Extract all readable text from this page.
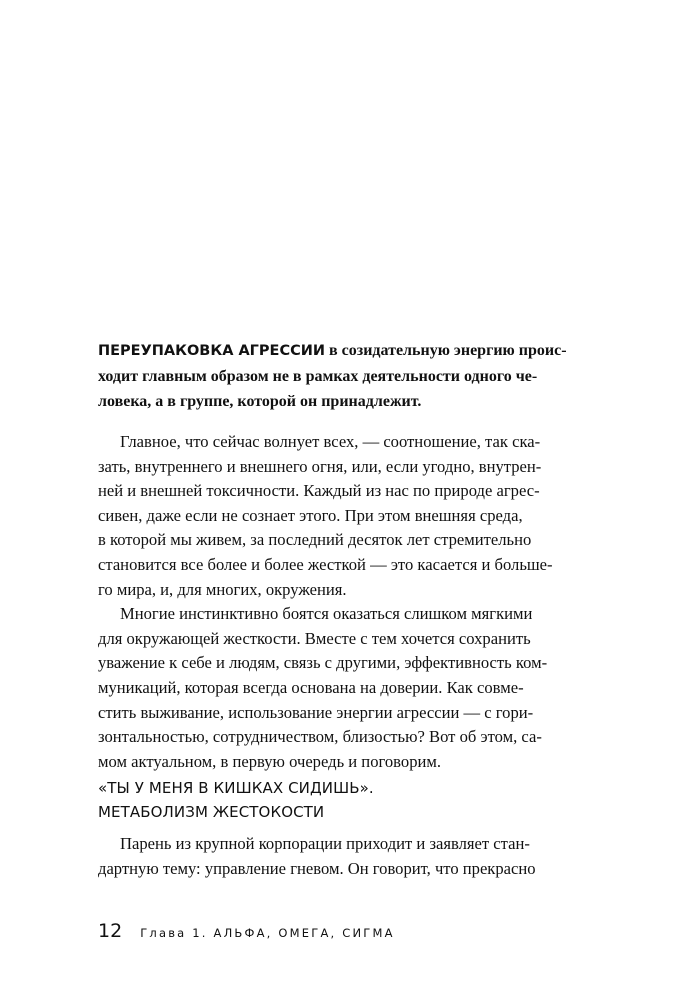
ПЕРЕУПАКОВКА АГРЕССИИ в созидательную энергию проис-
ходит главным образом не в рамках деятельности одного че-
ловека, а в группе, которой он принадлежит.
Главное, что сейчас волнует всех, — соотношение, так ска-
зать, внутреннего и внешнего огня, или, если угодно, внутрен-
ней и внешней токсичности. Каждый из нас по природе агрес-
сивен, даже если не сознает этого. При этом внешняя среда,
в которой мы живем, за последний десяток лет стремительно
становится все более и более жесткой — это касается и больше-
го мира, и, для многих, окружения.
Многие инстинктивно боятся оказаться слишком мягкими
для окружающей жесткости. Вместе с тем хочется сохранить
уважение к себе и людям, связь с другими, эффективность ком-
муникаций, которая всегда основана на доверии. Как совме-
стить выживание, использование энергии агрессии — с гори-
зонтальностью, сотрудничеством, близостью? Вот об этом, са-
мом актуальном, в первую очередь и поговорим.
«ТЫ У МЕНЯ В КИШКАХ СИДИШЬ».
МЕТАБОЛИЗМ ЖЕСТОКОСТИ
Парень из крупной корпорации приходит и заявляет стан-
дартную тему: управление гневом. Он говорит, что прекрасно
12 Глава 1. АЛЬФА, ОМЕГА, СИГМА
